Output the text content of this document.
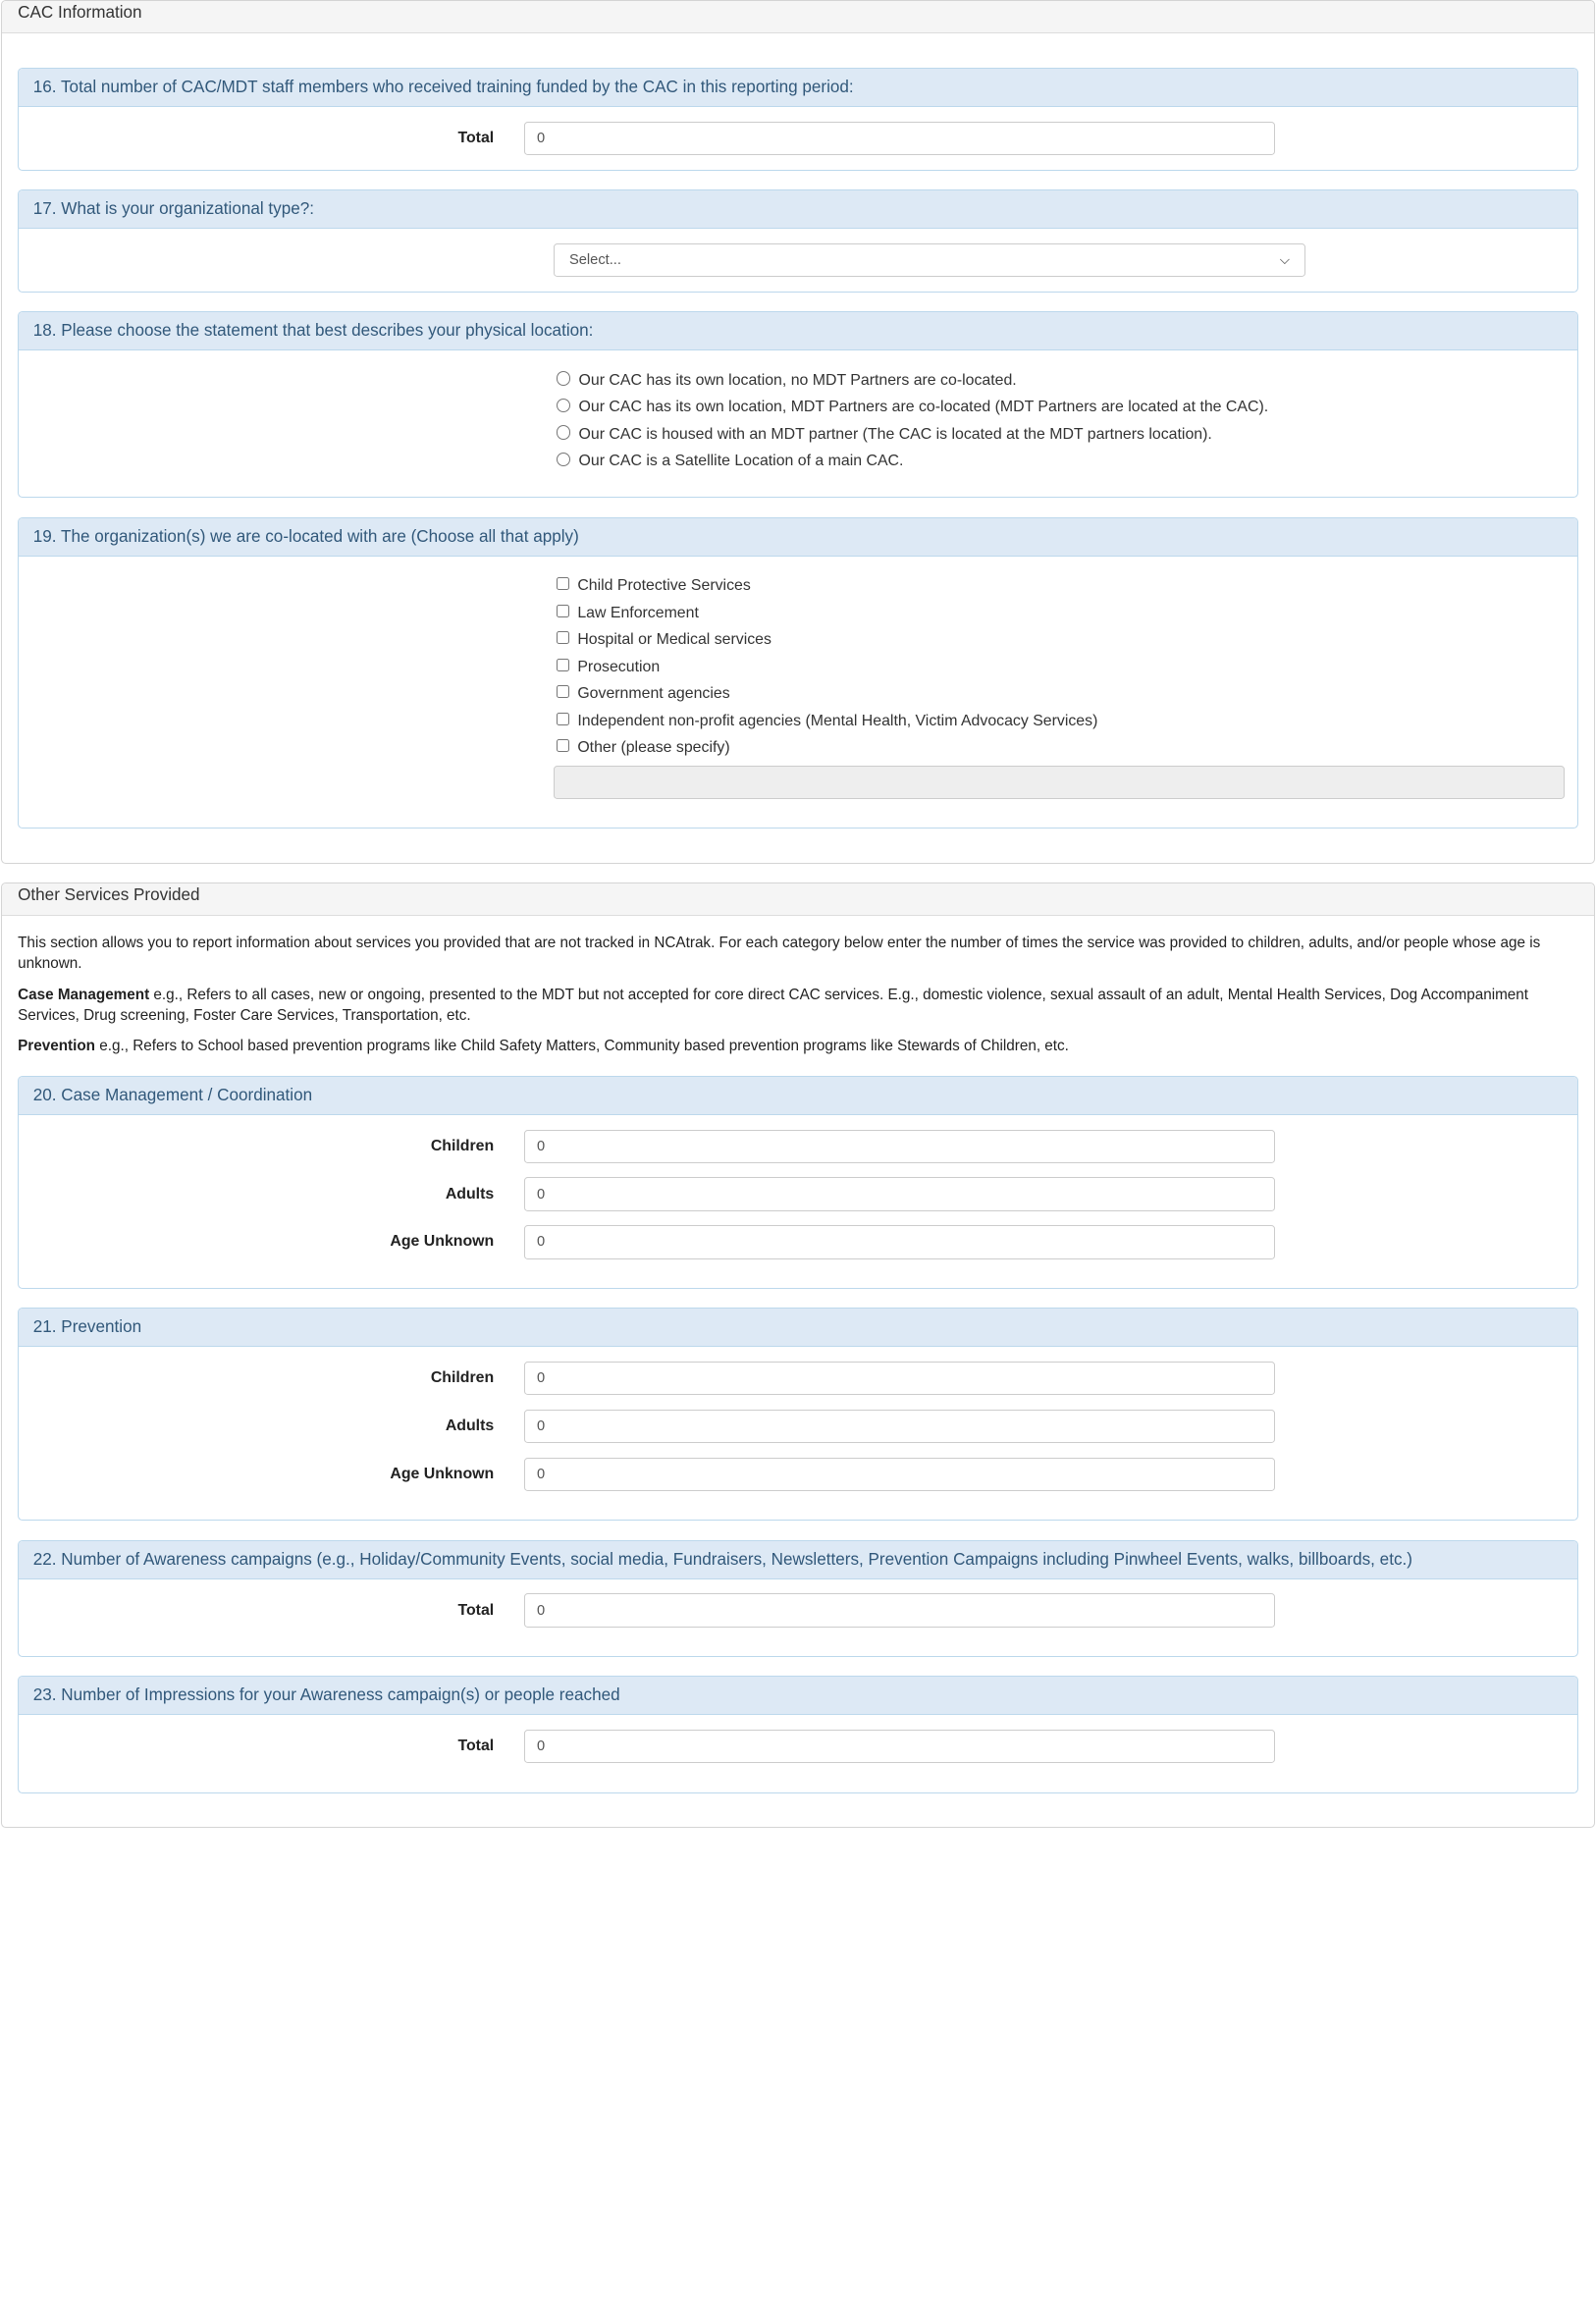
CAC Information
16. Total number of CAC/MDT staff members who received training funded by the CAC in this reporting period:
Total
0
17. What is your organizational type?:
Select...	⌵
18. Please choose the statement that best describes your physical location:
Our CAC has its own location, no MDT Partners are co-located.
Our CAC has its own location, MDT Partners are co-located (MDT Partners are located at the CAC).
Our CAC is housed with an MDT partner (The CAC is located at the MDT partners location).
Our CAC is a Satellite Location of a main CAC.
19. The organization(s) we are co-located with are (Choose all that apply)
Child Protective Services
Law Enforcement
Hospital or Medical services
Prosecution
Government agencies
Independent non-profit agencies (Mental Health, Victim Advocacy Services)
Other (please specify)
Other Services Provided

This section allows you to report information about services you provided that are not tracked in NCAtrak. For each category below enter the number of times the service was provided to children, adults, and/or people whose age is unknown.

Case Management e.g., Refers to all cases, new or ongoing, presented to the MDT but not accepted for core direct CAC services. E.g., domestic violence, sexual assault of an adult, Mental Health Services, Dog Accompaniment Services, Drug screening, Foster Care Services, Transportation, etc.

Prevention e.g., Refers to School based prevention programs like Child Safety Matters, Community based prevention programs like Stewards of Children, etc.

20. Case Management / Coordination
Children
0
Adults
0
Age Unknown
0
21. Prevention
Children
0
Adults
0
Age Unknown
0
22. Number of Awareness campaigns (e.g., Holiday/Community Events, social media, Fundraisers, Newsletters, Prevention Campaigns including Pinwheel Events, walks, billboards, etc.)
Total
0
23. Number of Impressions for your Awareness campaign(s) or people reached
Total
0
